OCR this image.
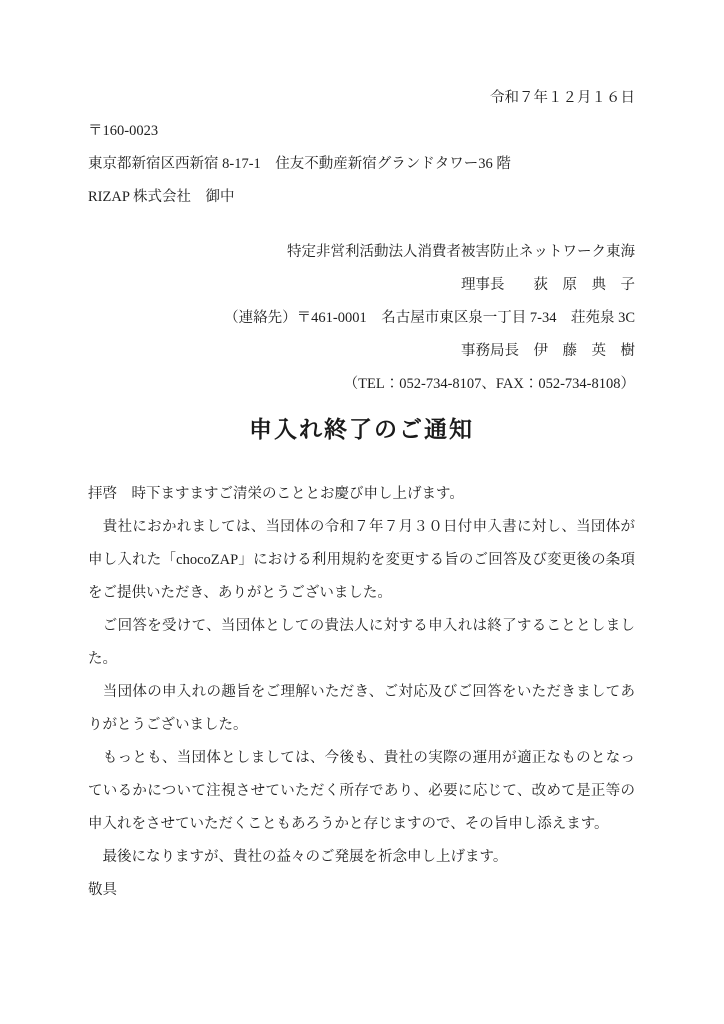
令和７年１２月１６日

〒160-0023

東京都新宿区西新宿 8-17-1　住友不動産新宿グランドタワー36 階

RIZAP 株式会社　御中

特定非営利活動法人消費者被害防止ネットワーク東海

理事長　　荻　原　典　子

（連絡先）〒461-0001　名古屋市東区泉一丁目 7-34　荘苑泉 3C

事務局長　伊　藤　英　樹

（TEL：052-734-8107、FAX：052-734-8108）

申入れ終了のご通知

拝啓　時下ますますご清栄のこととお慶び申し上げます。

　貴社におかれましては、当団体の令和７年７月３０日付申入書に対し、当団体が申し入れた「chocoZAP」における利用規約を変更する旨のご回答及び変更後の条項をご提供いただき、ありがとうございました。

　ご回答を受けて、当団体としての貴法人に対する申入れは終了することとしました。

　当団体の申入れの趣旨をご理解いただき、ご対応及びご回答をいただきましてありがとうございました。

　もっとも、当団体としましては、今後も、貴社の実際の運用が適正なものとなっているかについて注視させていただく所存であり、必要に応じて、改めて是正等の申入れをさせていただくこともあろうかと存じますので、その旨申し添えます。

　最後になりますが、貴社の益々のご発展を祈念申し上げます。

敬具
